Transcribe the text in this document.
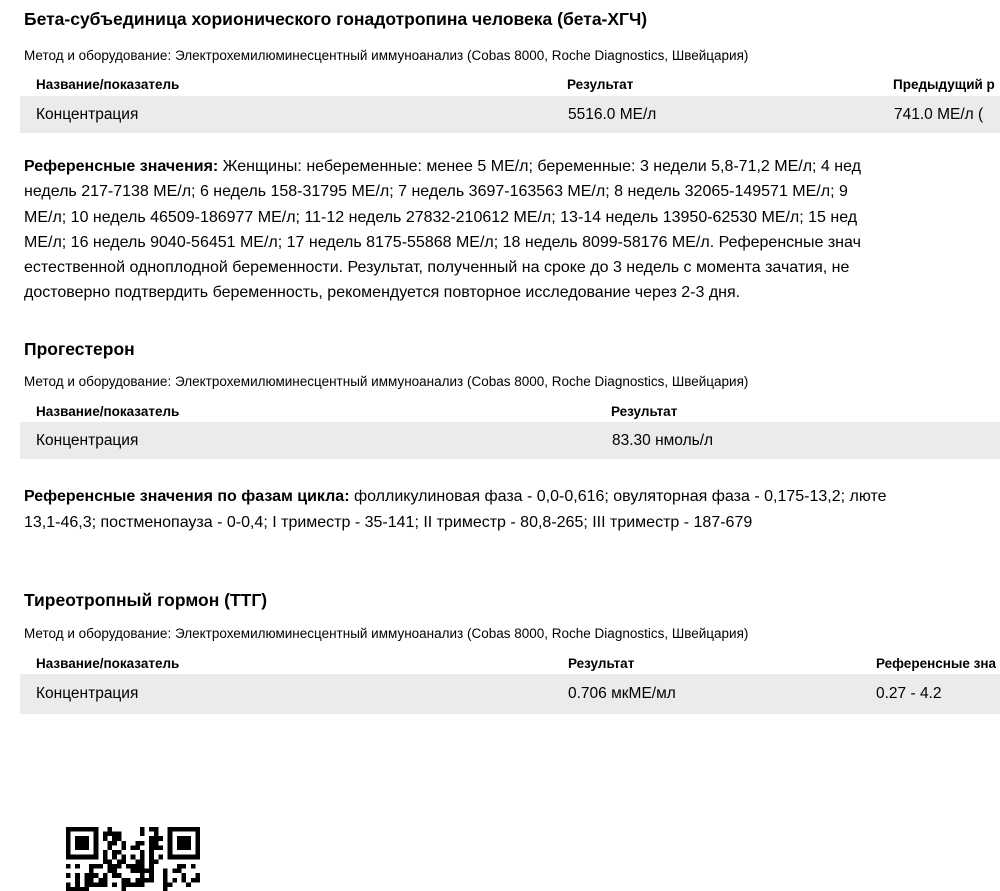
Бета-субъединица хорионического гонадотропина человека (бета-ХГЧ)
Метод и оборудование: Электрохемилюминесцентный иммуноанализ (Cobas 8000, Roche Diagnostics, Швейцария)
Название/показатель	Результат	Предыдущий р
Концентрация	5516.0 МЕ/л	741.0 МЕ/л (
Референсные значения: Женщины: небеременные: менее 5 МЕ/л; беременные: 3 недели 5,8-71,2 МЕ/л; 4 нед
недель 217-7138 МЕ/л; 6 недель 158-31795 МЕ/л; 7 недель 3697-163563 МЕ/л; 8 недель 32065-149571 МЕ/л; 9
МЕ/л; 10 недель 46509-186977 МЕ/л; 11-12 недель 27832-210612 МЕ/л; 13-14 недель 13950-62530 МЕ/л; 15 нед
МЕ/л; 16 недель 9040-56451 МЕ/л; 17 недель 8175-55868 МЕ/л; 18 недель 8099-58176 МЕ/л. Референсные знач
естественной одноплодной беременности. Результат, полученный на сроке до 3 недель с момента зачатия, не
достоверно подтвердить беременность, рекомендуется повторное исследование через 2-3 дня.
Прогестерон
Метод и оборудование: Электрохемилюминесцентный иммуноанализ (Cobas 8000, Roche Diagnostics, Швейцария)
Название/показатель	Результат
Концентрация	83.30 нмоль/л
Референсные значения по фазам цикла: фолликулиновая фаза - 0,0-0,616; овуляторная фаза - 0,175-13,2; люте
13,1-46,3; постменопауза - 0-0,4; I триместр - 35-141; II триместр - 80,8-265; III триместр - 187-679
Тиреотропный гормон (ТТГ)
Метод и оборудование: Электрохемилюминесцентный иммуноанализ (Cobas 8000, Roche Diagnostics, Швейцария)
Название/показатель	Результат	Референсные зна
Концентрация	0.706 мкМЕ/мл	0.27 - 4.2
